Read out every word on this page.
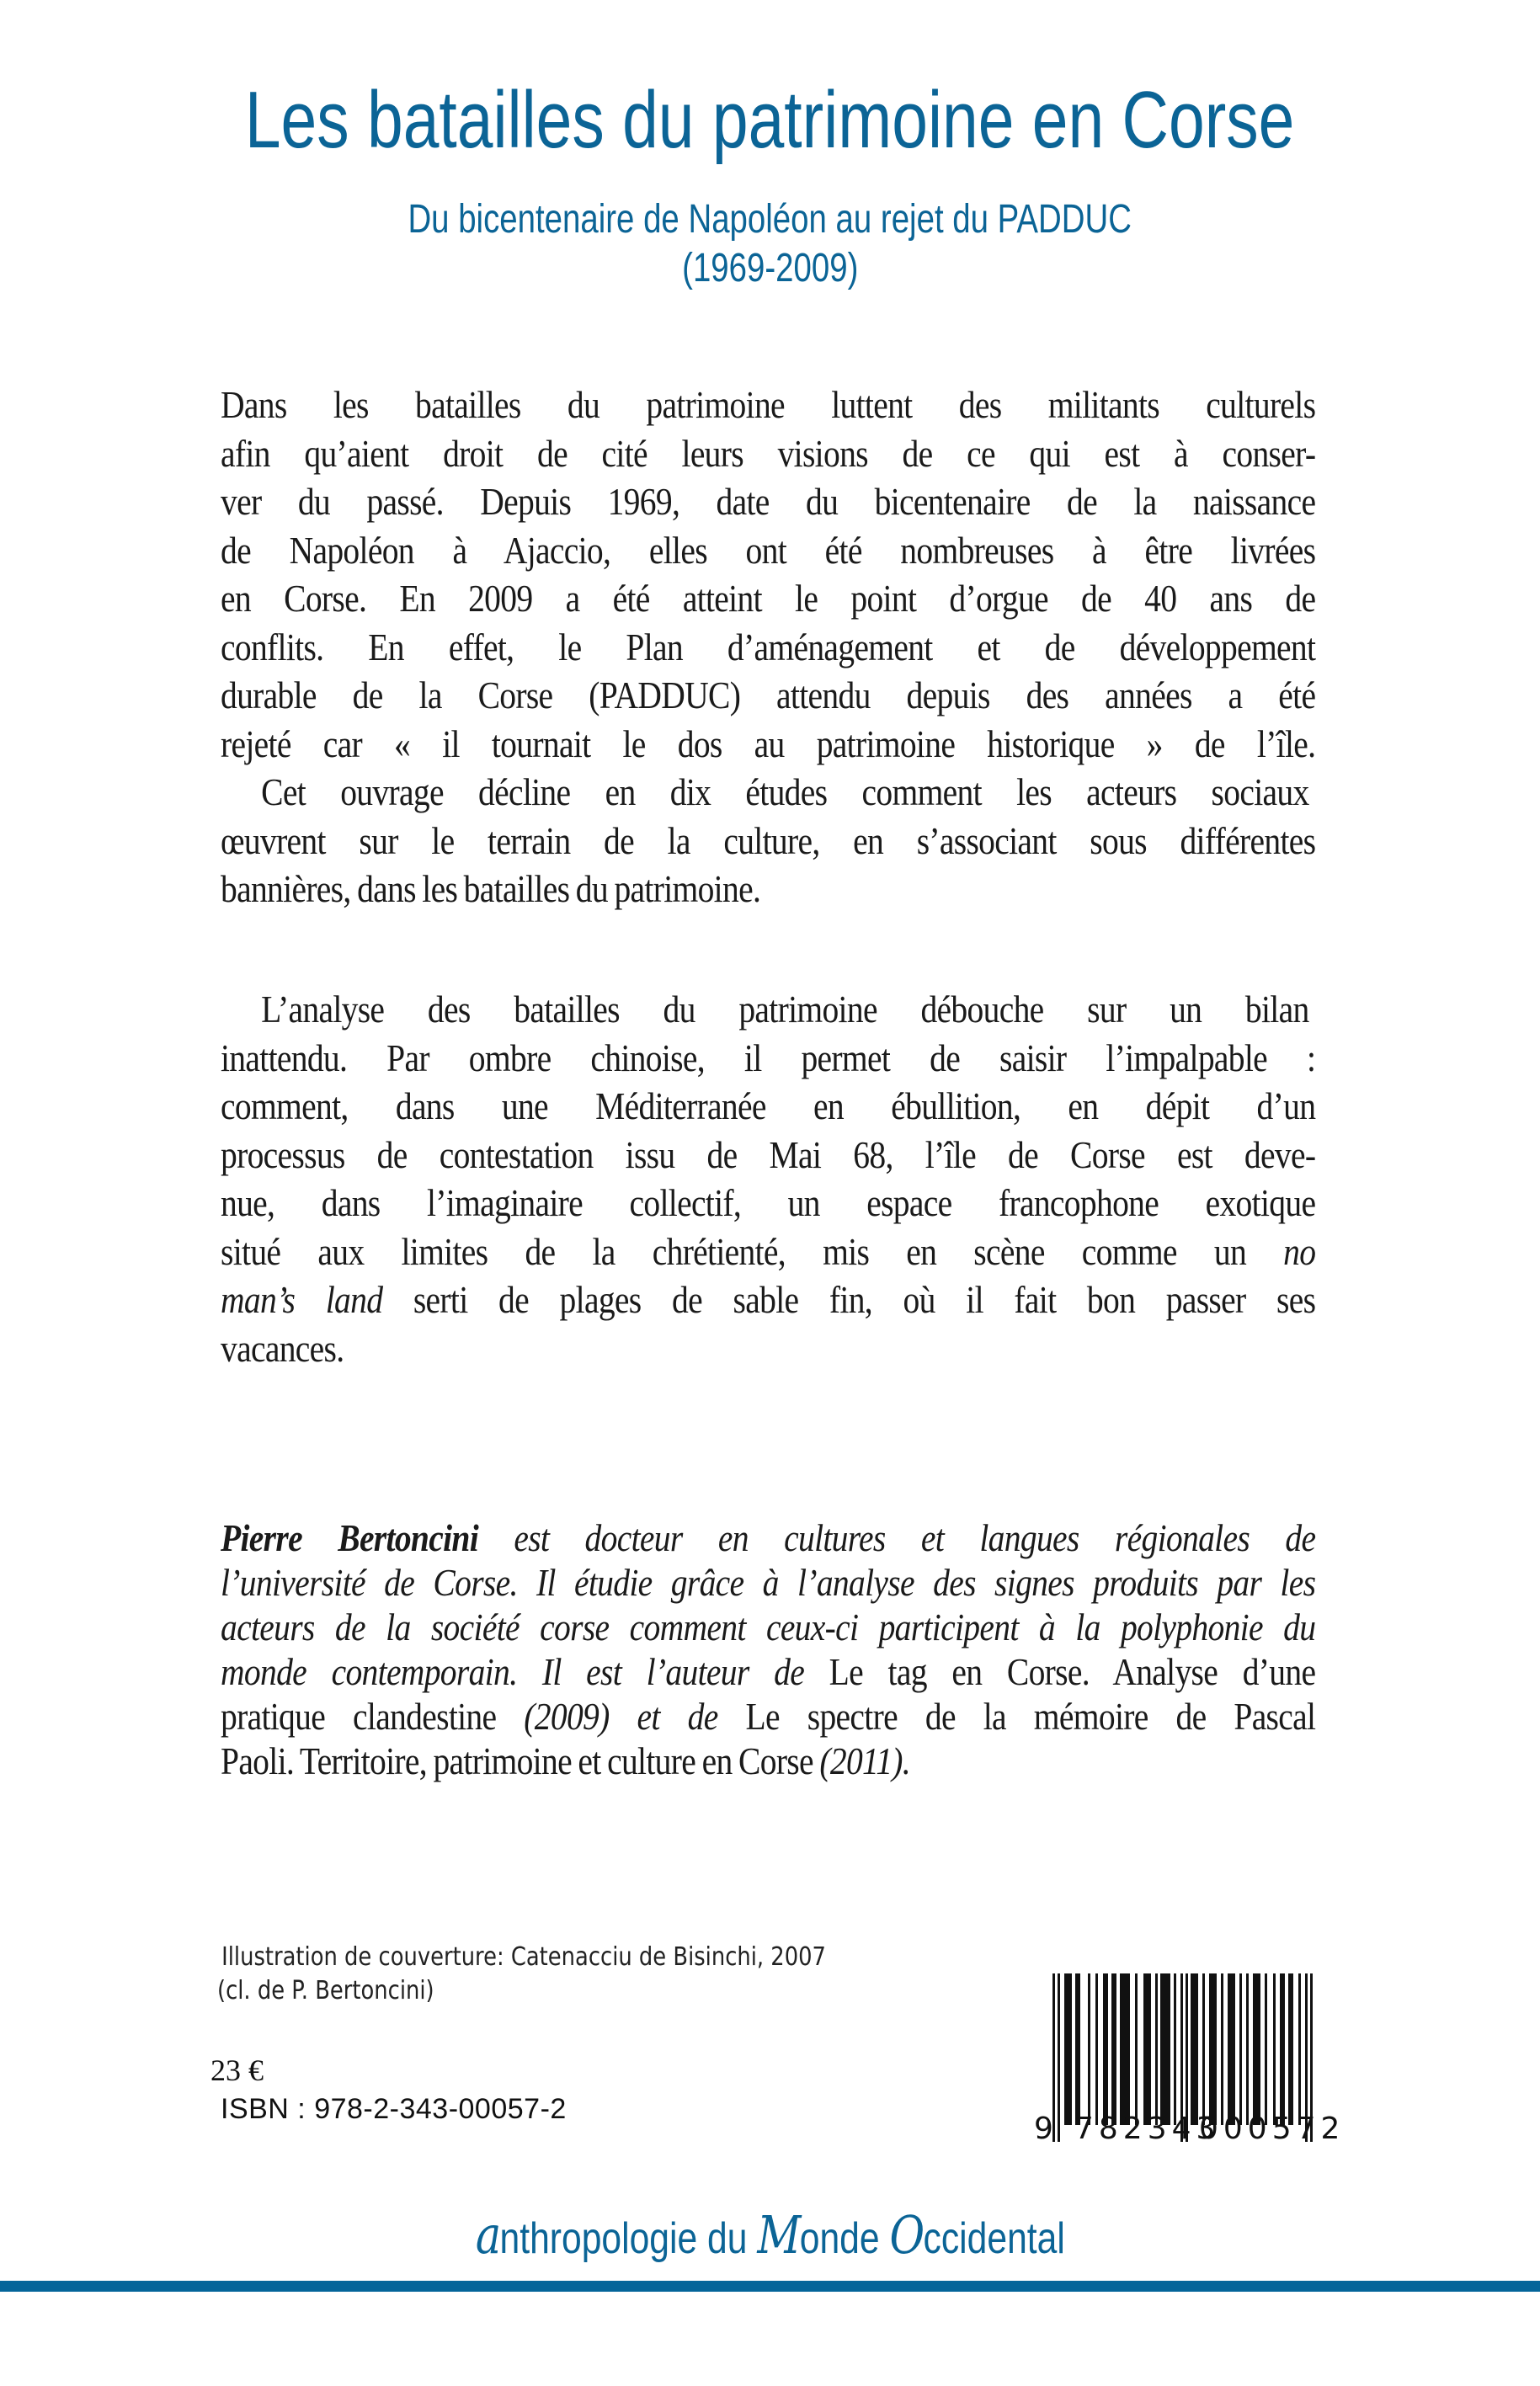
Les batailles du patrimoine en Corse
Du bicentenaire de Napoléon au rejet du PADDUC
(1969-2009)
Dans les batailles du patrimoine luttent des militants culturels
afin qu’aient droit de cité leurs visions de ce qui est à conser-
ver du passé. Depuis 1969, date du bicentenaire de la naissance
de Napoléon à Ajaccio, elles ont été nombreuses à être livrées
en Corse. En 2009 a été atteint le point d’orgue de 40 ans de
conflits. En effet, le Plan d’aménagement et de développement
durable de la Corse (PADDUC) attendu depuis des années a été
rejeté car « il tournait le dos au patrimoine historique » de l’île.
Cet ouvrage décline en dix études comment les acteurs sociaux
œuvrent sur le terrain de la culture, en s’associant sous différentes
bannières, dans les batailles du patrimoine.
L’analyse des batailles du patrimoine débouche sur un bilan
inattendu. Par ombre chinoise, il permet de saisir l’impalpable :
comment, dans une Méditerranée en ébullition, en dépit d’un
processus de contestation issu de Mai 68, l’île de Corse est deve-
nue, dans l’imaginaire collectif, un espace francophone exotique
situé aux limites de la chrétienté, mis en scène comme un no
man’s land serti de plages de sable fin, où il fait bon passer ses
vacances.
Pierre Bertoncini est docteur en cultures et langues régionales de
l’université de Corse. Il étudie grâce à l’analyse des signes produits par les
acteurs de la société corse comment ceux-ci participent à la polyphonie du
monde contemporain. Il est l’auteur de Le tag en Corse. Analyse d’une
pratique clandestine (2009) et de Le spectre de la mémoire de Pascal
Paoli. Territoire, patrimoine et culture en Corse (2011).
Illustration de couverture: Catenacciu de Bisinchi, 2007
(cl. de P. Bertoncini)
23 €
ISBN : 978-2-343-00057-2
9 782343
000572
anthropologie du Monde Occidental
